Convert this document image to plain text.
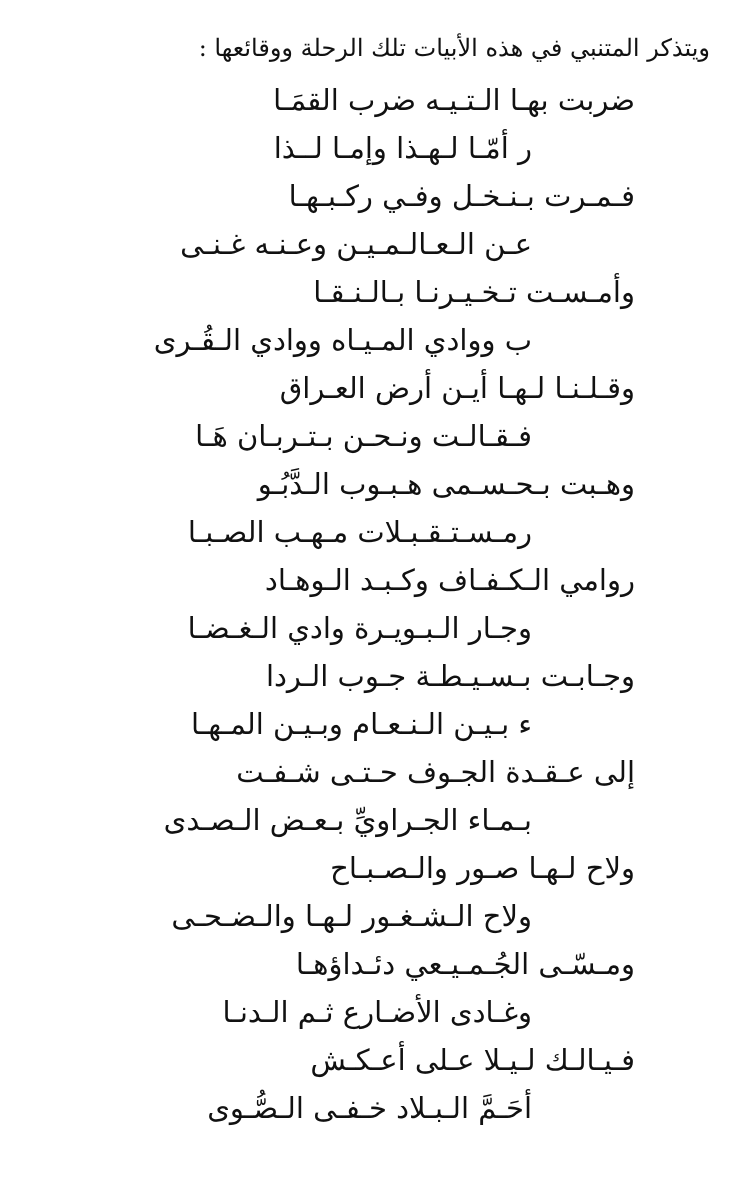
ويتذكر المتنبي في هذه الأبيات تلك الرحلة ووقائعها :
ضربت بهـا الـتـيـه ضرب القمَـا
ر أمّـا لـهـذا وإمـا لــذا
فـمـرت بـنـخـل وفـي ركـبـهـا
عـن الـعـالـمـيـن وعـنـه غـنـى
وأمـسـت تـخـيـرنـا بـالـنـقـا
ب ووادي المـيـاه ووادي الـقُـرى
وقـلـنـا لـهـا أيـن أرض العـراق
فـقـالـت ونـحـن بـتـربـان هَـا
وهـبت بـحـسـمى هـبـوب الـدَّبُـو
رمـسـتـقـبـلات مـهـب الصـبـا
روامي الـكـفـاف وكـبـد الـوهـاد
وجـار الـبـويـرة وادي الـغـضـا
وجـابـت بـسـيـطـة جـوب الـردا
ء بـيـن الـنـعـام وبـيـن المـهـا
إلى عـقـدة الجـوف حـتـى شـفـت
بـمـاء الجـراويِّ بـعـض الـصـدى
ولاح لـهـا صـور والـصـبـاح
ولاح الـشـغـور لـهـا والـضـحـى
ومـسّـى الجُـمـيـعي دئـداؤهـا
وغـادى الأضـارع ثـم الـدنـا
فـيـالـك لـيـلا عـلى أعـكـش
أحَـمَّ الـبـلاد خـفـى الـصُّـوى
